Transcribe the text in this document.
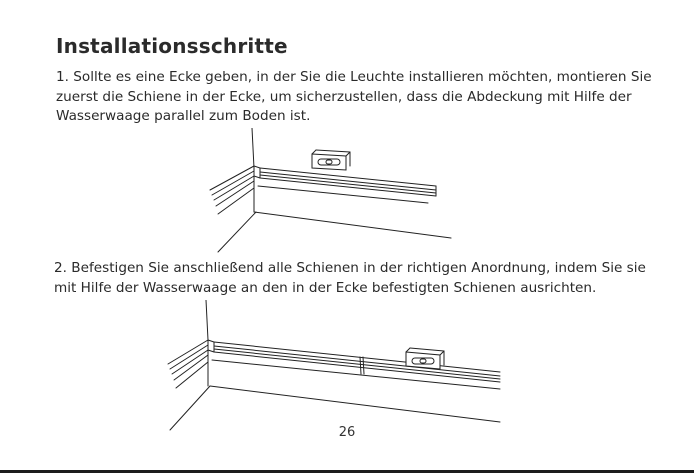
Installationsschritte

1. Sollte es eine Ecke geben, in der Sie die Leuchte installieren möchten, montieren Sie zuerst die Schiene in der Ecke, um sicherzustellen, dass die Abdeckung mit Hilfe der Wasserwaage parallel zum Boden ist.

2. Befestigen Sie anschließend alle Schienen in der richtigen Anordnung, indem Sie sie mit Hilfe der Wasserwaage an den in der Ecke befestigten Schienen ausrichten.

26
